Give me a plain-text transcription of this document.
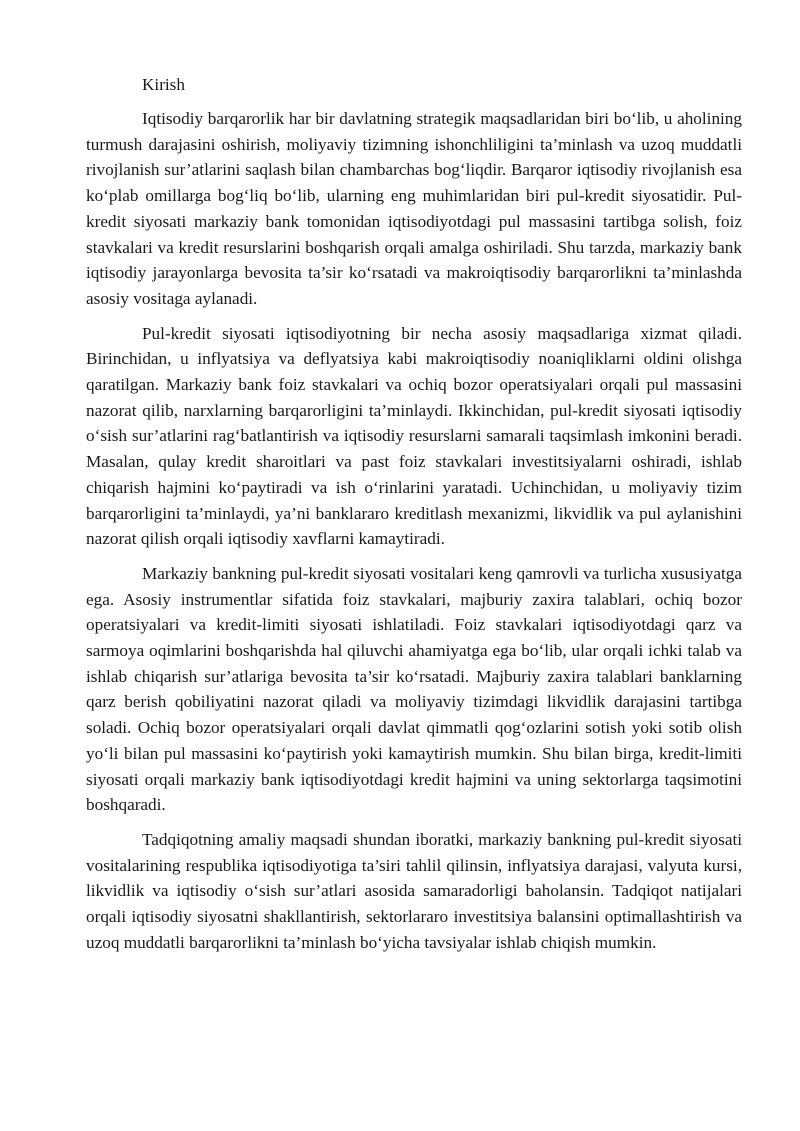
Kirish

Iqtisodiy barqarorlik har bir davlatning strategik maqsadlaridan biri bo‘lib, u aholining turmush darajasini oshirish, moliyaviy tizimning ishonchliligini ta’minlash va uzoq muddatli rivojlanish sur’atlarini saqlash bilan chambarchas bog‘liqdir. Barqaror iqtisodiy rivojlanish esa ko‘plab omillarga bog‘liq bo‘lib, ularning eng muhimlaridan biri pul-kredit siyosatidir. Pul-kredit siyosati markaziy bank tomonidan iqtisodiyotdagi pul massasini tartibga solish, foiz stavkalari va kredit resurslarini boshqarish orqali amalga oshiriladi. Shu tarzda, markaziy bank iqtisodiy jarayonlarga bevosita ta’sir ko‘rsatadi va makroiqtisodiy barqarorlikni ta’minlashda asosiy vositaga aylanadi.

Pul-kredit siyosati iqtisodiyotning bir necha asosiy maqsadlariga xizmat qiladi. Birinchidan, u inflyatsiya va deflyatsiya kabi makroiqtisodiy noaniqliklarni oldini olishga qaratilgan. Markaziy bank foiz stavkalari va ochiq bozor operatsiyalari orqali pul massasini nazorat qilib, narxlarning barqarorligini ta’minlaydi. Ikkinchidan, pul-kredit siyosati iqtisodiy o‘sish sur’atlarini rag‘batlantirish va iqtisodiy resurslarni samarali taqsimlash imkonini beradi. Masalan, qulay kredit sharoitlari va past foiz stavkalari investitsiyalarni oshiradi, ishlab chiqarish hajmini ko‘paytiradi va ish o‘rinlarini yaratadi. Uchinchidan, u moliyaviy tizim barqarorligini ta’minlaydi, ya’ni banklararo kreditlash mexanizmi, likvidlik va pul aylanishini nazorat qilish orqali iqtisodiy xavflarni kamaytiradi.

Markaziy bankning pul-kredit siyosati vositalari keng qamrovli va turlicha xususiyatga ega. Asosiy instrumentlar sifatida foiz stavkalari, majburiy zaxira talablari, ochiq bozor operatsiyalari va kredit-limiti siyosati ishlatiladi. Foiz stavkalari iqtisodiyotdagi qarz va sarmoya oqimlarini boshqarishda hal qiluvchi ahamiyatga ega bo‘lib, ular orqali ichki talab va ishlab chiqarish sur’atlariga bevosita ta’sir ko‘rsatadi. Majburiy zaxira talablari banklarning qarz berish qobiliyatini nazorat qiladi va moliyaviy tizimdagi likvidlik darajasini tartibga soladi. Ochiq bozor operatsiyalari orqali davlat qimmatli qog‘ozlarini sotish yoki sotib olish yo‘li bilan pul massasini ko‘paytirish yoki kamaytirish mumkin. Shu bilan birga, kredit-limiti siyosati orqali markaziy bank iqtisodiyotdagi kredit hajmini va uning sektorlarga taqsimotini boshqaradi.

Tadqiqotning amaliy maqsadi shundan iboratki, markaziy bankning pul-kredit siyosati vositalarining respublika iqtisodiyotiga ta’siri tahlil qilinsin, inflyatsiya darajasi, valyuta kursi, likvidlik va iqtisodiy o‘sish sur’atlari asosida samaradorligi baholansin. Tadqiqot natijalari orqali iqtisodiy siyosatni shakllantirish, sektorlararo investitsiya balansini optimallashtirish va uzoq muddatli barqarorlikni ta’minlash bo‘yicha tavsiyalar ishlab chiqish mumkin.
